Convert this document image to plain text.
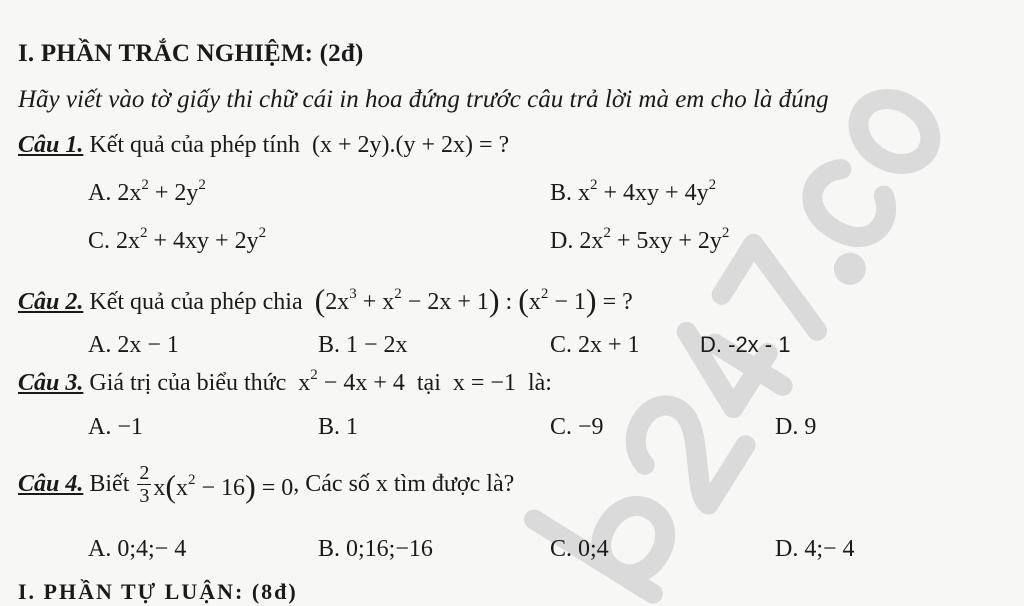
I. PHẦN TRẮC NGHIỆM: (2đ)
Hãy viết vào tờ giấy thi chữ cái in hoa đứng trước câu trả lời mà em cho là đúng
Câu 1. Kết quả của phép tính (x + 2y).(y + 2x) = ?
A. $2x^2 + 2y^2$	B. $x^2 + 4xy + 4y^2$
C. $2x^2 + 4xy + 2y^2$	D. $2x^2 + 5xy + 2y^2$
Câu 2. Kết quả của phép chia $(2x^3 + x^2 - 2x + 1)$ : $(x^2 - 1)$ = ?
A. 2x − 1	B. 1 − 2x	C. 2x + 1	D. -2x - 1
Câu 3. Giá trị của biểu thức $x^2 - 4x + 4$ tại x = −1 là:
A. −1	B. 1	C. −9	D. 9
Câu 4. Biết $\frac{2}{3} x(x^2 - 16) = 0$ , Các số x tìm được là?
A. 0;4;− 4	B. 0;16;−16	C. 0;4	D. 4;− 4
I. PHẦN TỰ LUẬN: (8đ)
